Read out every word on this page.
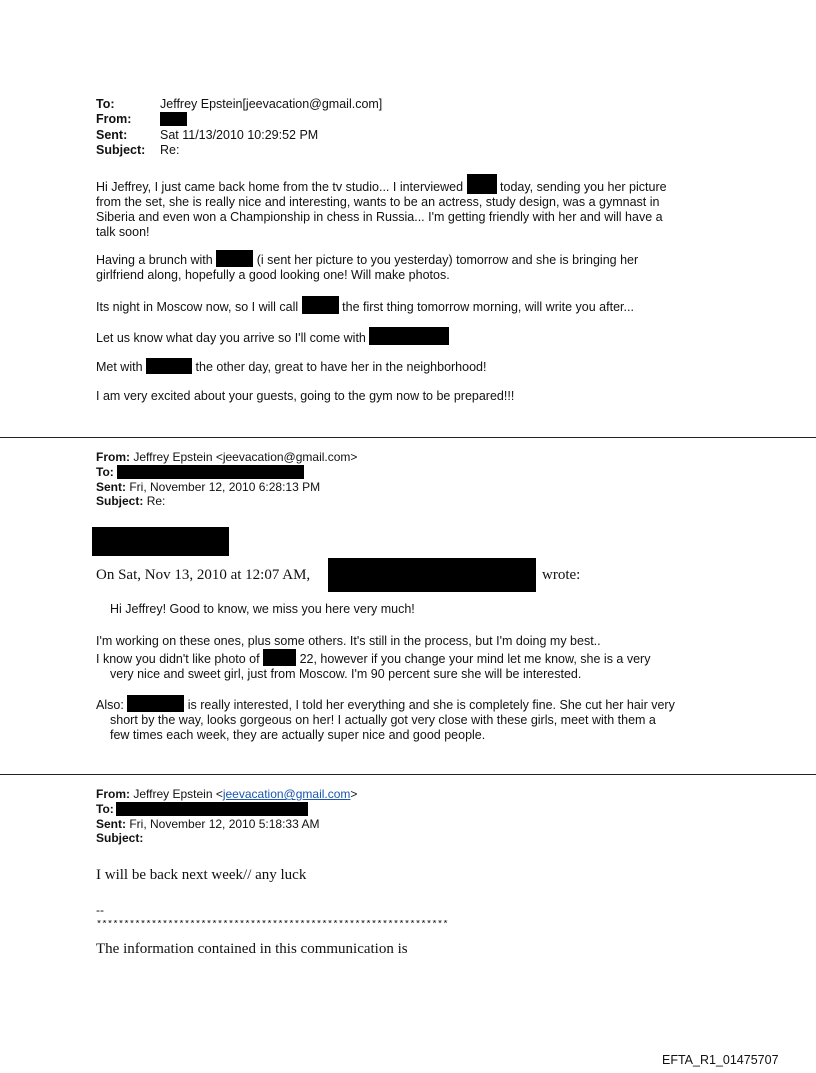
To:	Jeffrey Epstein[jeevacation@gmail.com]
From:
Sent:	Sat 11/13/2010 10:29:52 PM
Subject: Re:
Hi Jeffrey, I just came back home from the tv studio... I interviewed	today, sending you her picture
from the set, she is really nice and interesting, wants to be an actress, study design, was a gymnast in
Siberia and even won a Championship in chess in Russia... I'm getting friendly with her and will have a
talk soon!
Having a brunch with	(i sent her picture to you yesterday) tomorrow and she is bringing her
girlfriend along, hopefully a good looking one! Will make photos.
Its night in Moscow now, so I will call	the first thing tomorrow morning, will write you after...
Let us know what day you arrive so I'll come with
Met with	the other day, great to have her in the neighborhood!
I am very excited about your guests, going to the gym now to be prepared!!!
From: Jeffrey Epstein <jeevacation@gmail.com>
To:
Sent: Fri, November 12, 2010 6:28:13 PM
Subject: Re:
On Sat, Nov 13, 2010 at 12:07 AM,	wrote:
Hi Jeffrey! Good to know, we miss you here very much!
I'm working on these ones, plus some others. It's still in the process, but I'm doing my best..
I know you didn't like photo of	22, however if you change your mind let me know, she is a very
very nice and sweet girl, just from Moscow. I'm 90 percent sure she will be interested.
Also:	is really interested, I told her everything and she is completely fine. She cut her hair very
short by the way, looks gorgeous on her! I actually got very close with these girls, meet with them a
few times each week, they are actually super nice and good people.
From: Jeffrey Epstein <jeevacation@gmail.com>
To:
Sent: Fri, November 12, 2010 5:18:33 AM
Subject:
I will be back next week// any luck
--
****************************************************************
The information contained in this communication is
EFTA_R1_01475707
